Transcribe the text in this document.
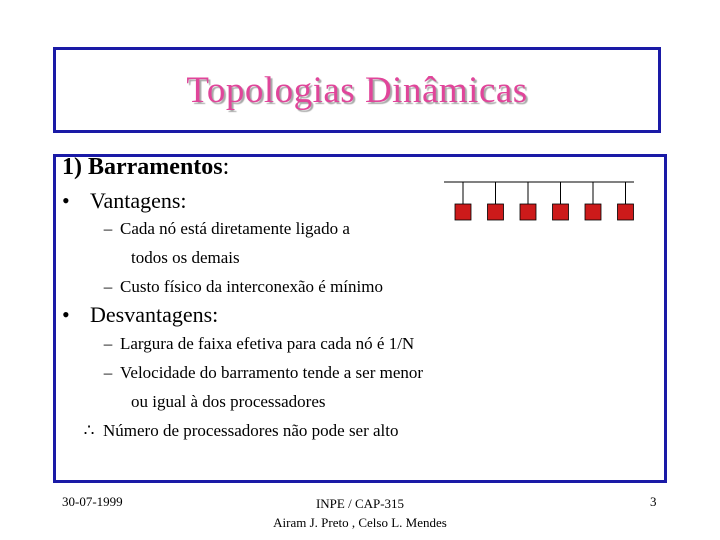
Topologias Dinâmicas
1) Barramentos:
• Vantagens:
– Cada nó está diretamente ligado a
todos os demais
– Custo físico da interconexão é mínimo
• Desvantagens:
– Largura de faixa efetiva para cada nó é 1/N
– Velocidade do barramento tende a ser menor
ou igual à dos processadores
∴ Número de processadores não pode ser alto
30-07-1999	INPE / CAP-315
Airam J. Preto , Celso L. Mendes
3
